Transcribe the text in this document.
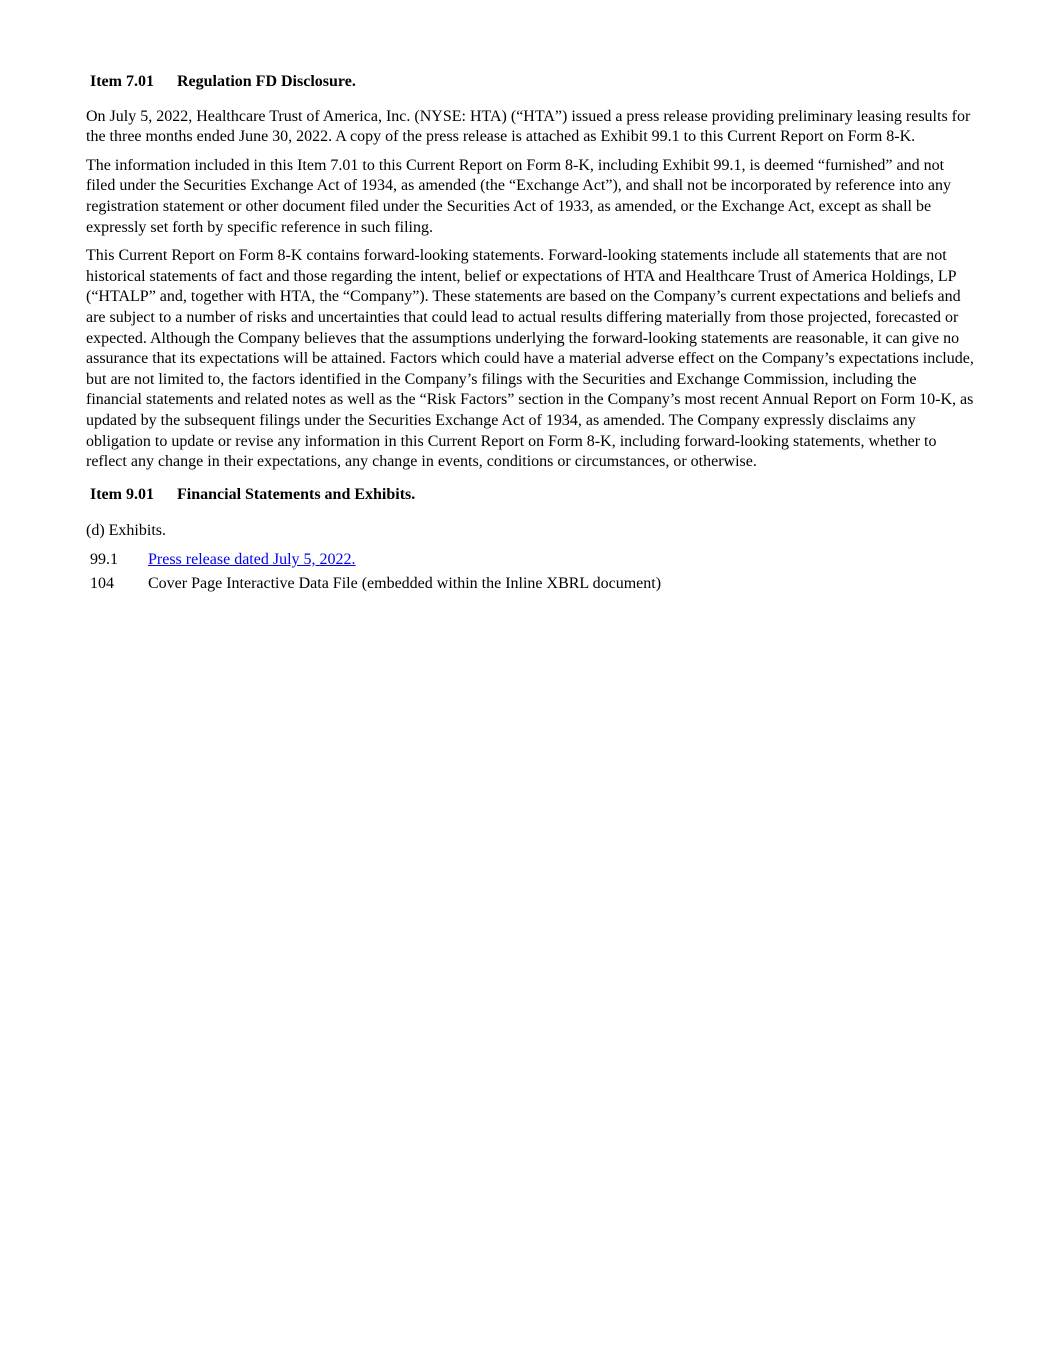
Item 7.01 Regulation FD Disclosure.

On July 5, 2022, Healthcare Trust of America, Inc. (NYSE: HTA) (“HTA”) issued a press release providing preliminary leasing results for the three months ended June 30, 2022. A copy of the press release is attached as Exhibit 99.1 to this Current Report on Form 8-K.

The information included in this Item 7.01 to this Current Report on Form 8-K, including Exhibit 99.1, is deemed “furnished” and not filed under the Securities Exchange Act of 1934, as amended (the “Exchange Act”), and shall not be incorporated by reference into any registration statement or other document filed under the Securities Act of 1933, as amended, or the Exchange Act, except as shall be expressly set forth by specific reference in such filing.

This Current Report on Form 8-K contains forward-looking statements. Forward-looking statements include all statements that are not historical statements of fact and those regarding the intent, belief or expectations of HTA and Healthcare Trust of America Holdings, LP (“HTALP” and, together with HTA, the “Company”). These statements are based on the Company’s current expectations and beliefs and are subject to a number of risks and uncertainties that could lead to actual results differing materially from those projected, forecasted or expected. Although the Company believes that the assumptions underlying the forward-looking statements are reasonable, it can give no assurance that its expectations will be attained. Factors which could have a material adverse effect on the Company’s expectations include, but are not limited to, the factors identified in the Company’s filings with the Securities and Exchange Commission, including the financial statements and related notes as well as the “Risk Factors” section in the Company’s most recent Annual Report on Form 10-K, as updated by the subsequent filings under the Securities Exchange Act of 1934, as amended. The Company expressly disclaims any obligation to update or revise any information in this Current Report on Form 8-K, including forward-looking statements, whether to reflect any change in their expectations, any change in events, conditions or circumstances, or otherwise.

Item 9.01 Financial Statements and Exhibits.
(d) Exhibits.
99.1	Press release dated July 5, 2022.
104	Cover Page Interactive Data File (embedded within the Inline XBRL document)
